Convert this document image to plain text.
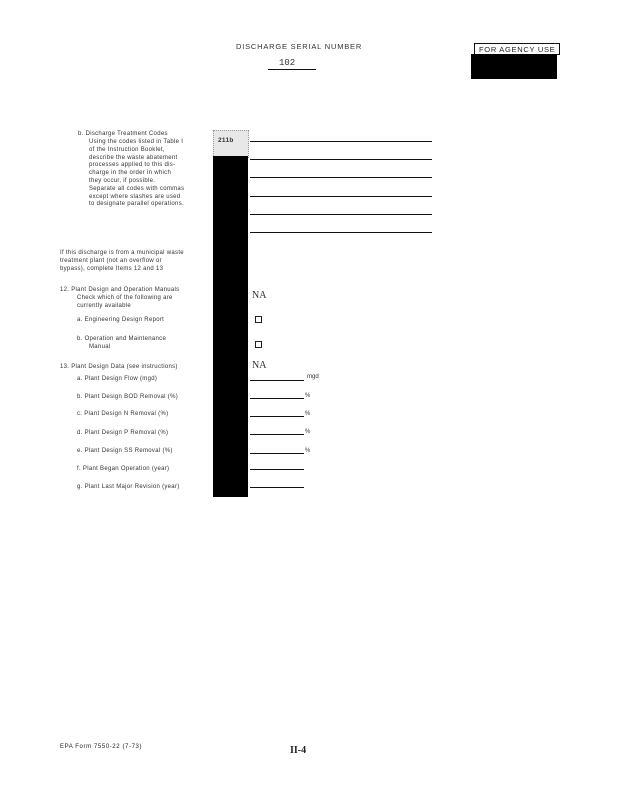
DISCHARGE SERIAL NUMBER
102
FOR AGENCY USE
b. Discharge Treatment Codes
Using the codes listed in Table I
of the Instruction Booklet,
describe the waste abatement
processes applied to this dis-
charge in the order in which
they occur, if possible.
Separate all codes with commas
except where slashes are used
to designate parallel operations.
211b
If this discharge is from a municipal waste
treatment plant (not an overflow or
bypass), complete Items 12 and 13
12. Plant Design and Operation Manuals
Check which of the following are
currently available
NA
a. Engineering Design Report
b. Operation and Maintenance
Manual
13. Plant Design Data (see instructions)	NA
a. Plant Design Flow (mgd)	mgd
b. Plant Design BOD Removal (%)	%
c. Plant Design N Removal (%)	%
d. Plant Design P Removal (%)	%
e. Plant Design SS Removal (%)	%
f. Plant Began Operation (year)
g. Plant Last Major Revision (year)
EPA Form 7550-22 (7-73)	II-4
